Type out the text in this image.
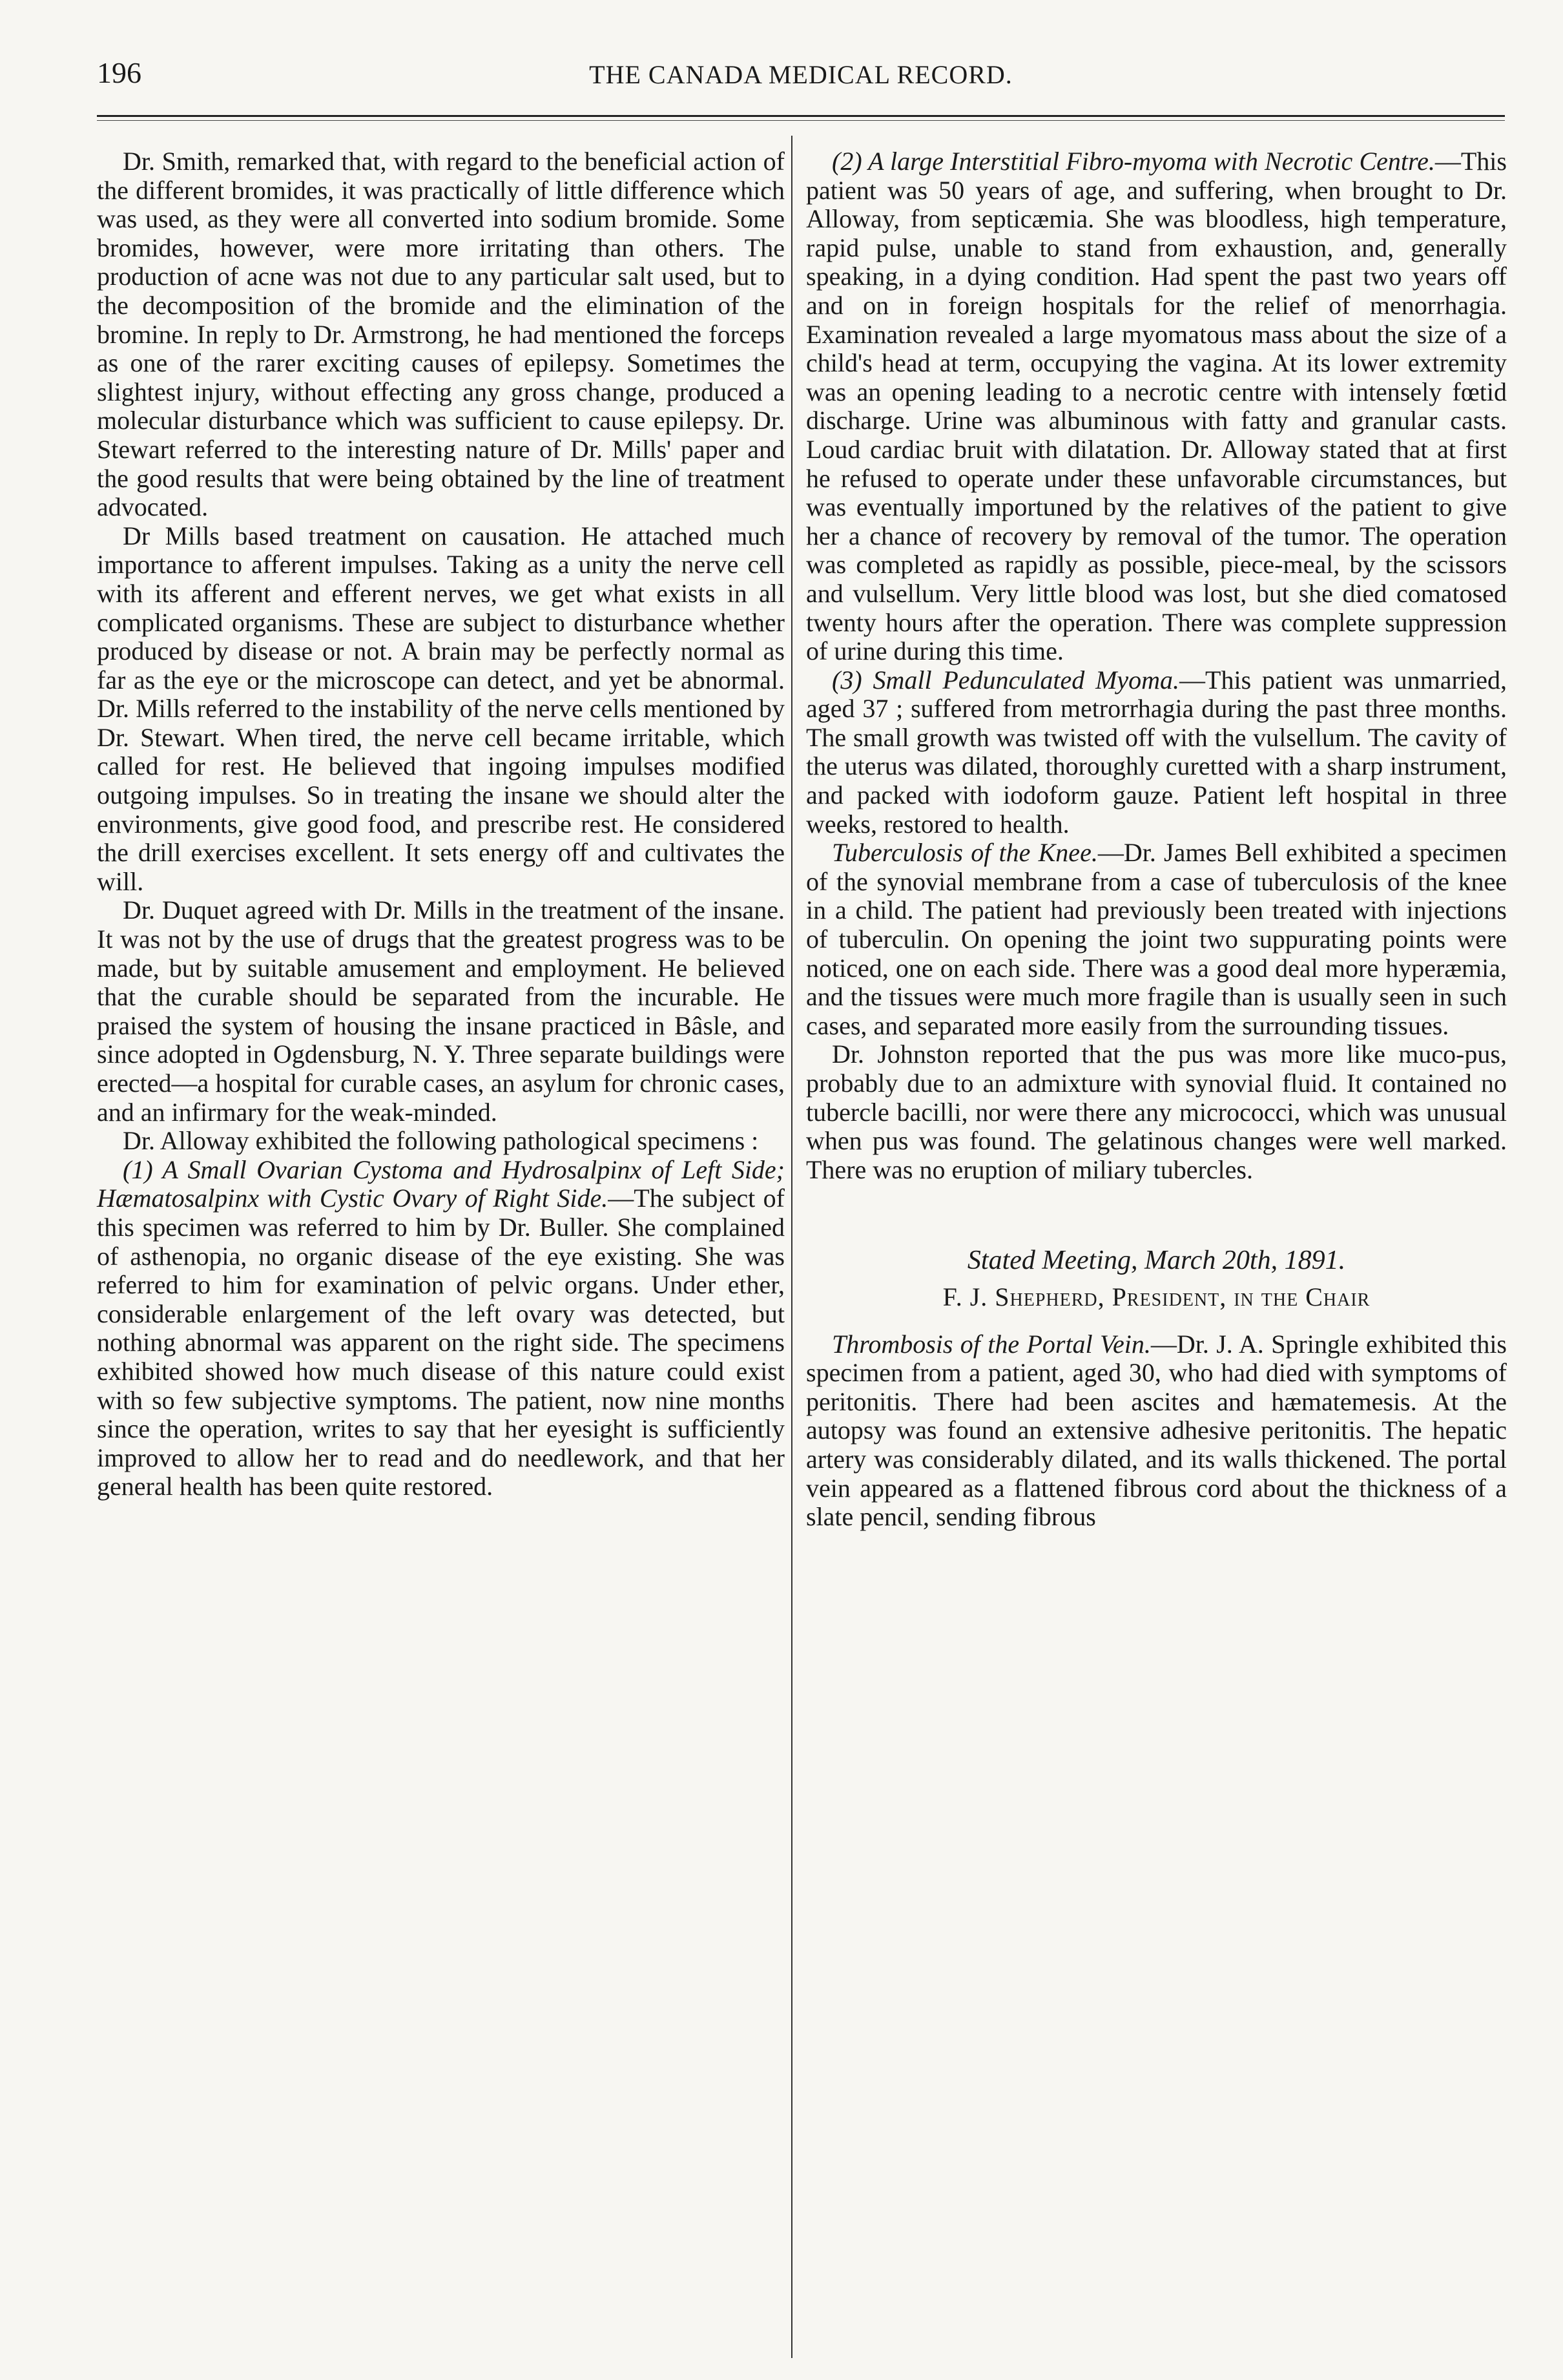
196	THE CANADA MEDICAL RECORD.

Dr. Smith, remarked that, with regard to the beneficial action of the different bromides, it was practically of little difference which was used, as they were all converted into sodium bromide. Some bromides, however, were more irritating than others. The production of acne was not due to any particular salt used, but to the decomposition of the bromide and the elimination of the bromine. In reply to Dr. Armstrong, he had mentioned the forceps as one of the rarer exciting causes of epilepsy. Sometimes the slightest injury, without effecting any gross change, produced a molecular disturbance which was sufficient to cause epilepsy. Dr. Stewart referred to the interesting nature of Dr. Mills' paper and the good results that were being obtained by the line of treatment advocated.

Dr Mills based treatment on causation. He attached much importance to afferent impulses. Taking as a unity the nerve cell with its afferent and efferent nerves, we get what exists in all complicated organisms. These are subject to disturbance whether produced by disease or not. A brain may be perfectly normal as far as the eye or the microscope can detect, and yet be abnormal. Dr. Mills referred to the instability of the nerve cells mentioned by Dr. Stewart. When tired, the nerve cell became irritable, which called for rest. He believed that ingoing impulses modified outgoing impulses. So in treating the insane we should alter the environments, give good food, and prescribe rest. He considered the drill exercises excellent. It sets energy off and cultivates the will.

Dr. Duquet agreed with Dr. Mills in the treatment of the insane. It was not by the use of drugs that the greatest progress was to be made, but by suitable amusement and employment. He believed that the curable should be separated from the incurable. He praised the system of housing the insane practiced in Bâsle, and since adopted in Ogdensburg, N. Y. Three separate buildings were erected—a hospital for curable cases, an asylum for chronic cases, and an infirmary for the weak-minded.

Dr. Alloway exhibited the following pathological specimens :

(1) A Small Ovarian Cystoma and Hydrosalpinx of Left Side; Hæmatosalpinx with Cystic Ovary of Right Side.—The subject of this specimen was referred to him by Dr. Buller. She complained of asthenopia, no organic disease of the eye existing. She was referred to him for examination of pelvic organs. Under ether, considerable enlargement of the left ovary was detected, but nothing abnormal was apparent on the right side. The specimens exhibited showed how much disease of this nature could exist with so few subjective symptoms. The patient, now nine months since the operation, writes to say that her eyesight is sufficiently improved to allow her to read and do needlework, and that her general health has been quite restored.

(2) A large Interstitial Fibro-myoma with Necrotic Centre.—This patient was 50 years of age, and suffering, when brought to Dr. Alloway, from septicæmia. She was bloodless, high temperature, rapid pulse, unable to stand from exhaustion, and, generally speaking, in a dying condition. Had spent the past two years off and on in foreign hospitals for the relief of menorrhagia. Examination revealed a large myomatous mass about the size of a child's head at term, occupying the vagina. At its lower extremity was an opening leading to a necrotic centre with intensely fœtid discharge. Urine was albuminous with fatty and granular casts. Loud cardiac bruit with dilatation. Dr. Alloway stated that at first he refused to operate under these unfavorable circumstances, but was eventually importuned by the relatives of the patient to give her a chance of recovery by removal of the tumor. The operation was completed as rapidly as possible, piece-meal, by the scissors and vulsellum. Very little blood was lost, but she died comatosed twenty hours after the operation. There was complete suppression of urine during this time.

(3) Small Pedunculated Myoma.—This patient was unmarried, aged 37 ; suffered from metrorrhagia during the past three months. The small growth was twisted off with the vulsellum. The cavity of the uterus was dilated, thoroughly curetted with a sharp instrument, and packed with iodoform gauze. Patient left hospital in three weeks, restored to health.

Tuberculosis of the Knee.—Dr. James Bell exhibited a specimen of the synovial membrane from a case of tuberculosis of the knee in a child. The patient had previously been treated with injections of tuberculin. On opening the joint two suppurating points were noticed, one on each side. There was a good deal more hyperæmia, and the tissues were much more fragile than is usually seen in such cases, and separated more easily from the surrounding tissues.

Dr. Johnston reported that the pus was more like muco-pus, probably due to an admixture with synovial fluid. It contained no tubercle bacilli, nor were there any micrococci, which was unusual when pus was found. The gelatinous changes were well marked. There was no eruption of miliary tubercles.

Stated Meeting, March 20th, 1891.
F. J. Shepherd, President, in the Chair

Thrombosis of the Portal Vein.—Dr. J. A. Springle exhibited this specimen from a patient, aged 30, who had died with symptoms of peritonitis. There had been ascites and hæmatemesis. At the autopsy was found an extensive adhesive peritonitis. The hepatic artery was considerably dilated, and its walls thickened. The portal vein appeared as a flattened fibrous cord about the thickness of a slate pencil, sending fibrous
